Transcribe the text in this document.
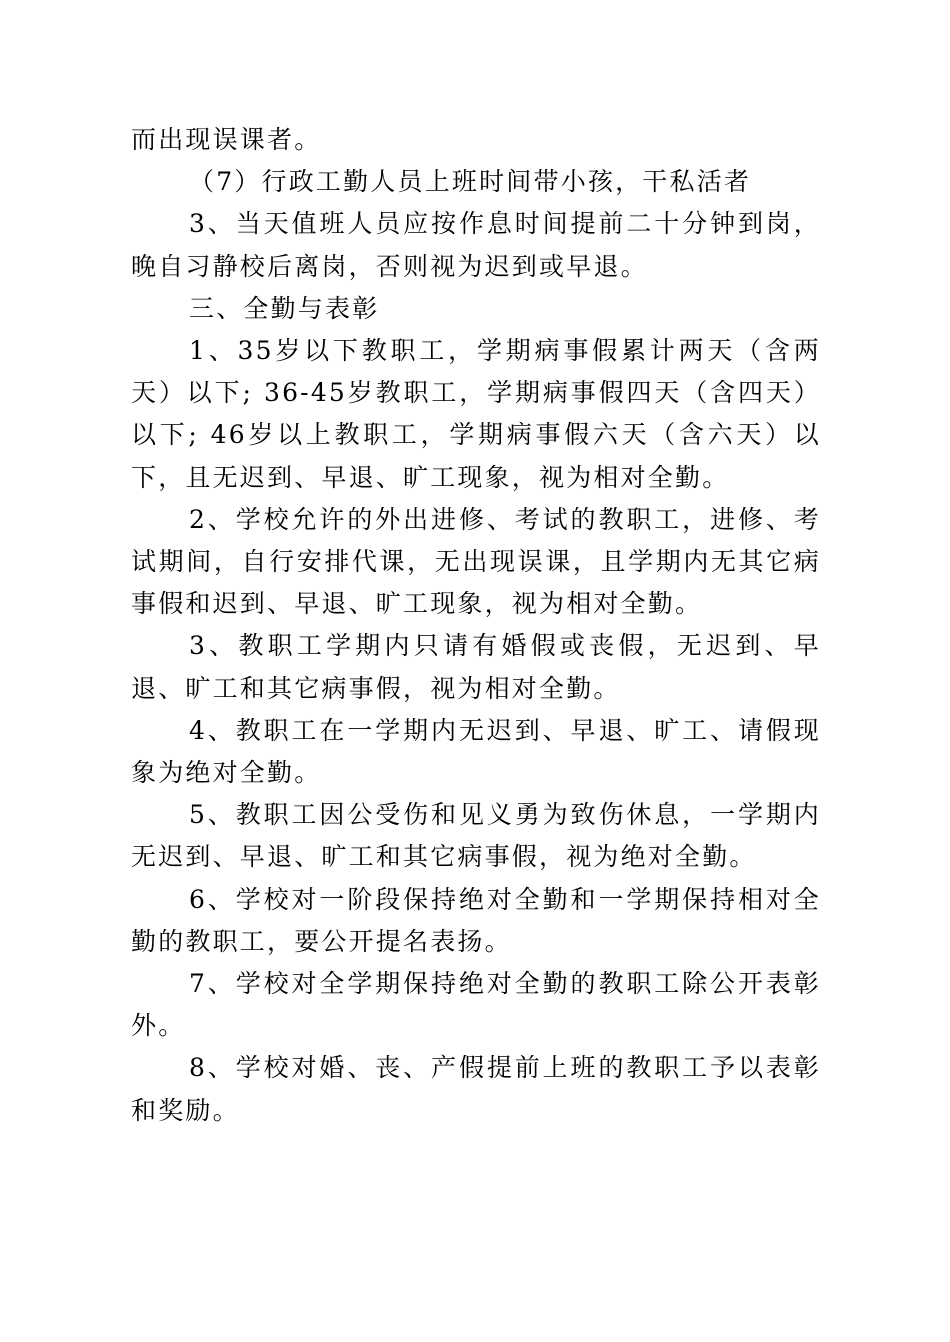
而出现误课者。

（7）行政工勤人员上班时间带小孩，干私活者

3、当天值班人员应按作息时间提前二十分钟到岗，晚自习静校后离岗，否则视为迟到或早退。

三、全勤与表彰

1、35岁以下教职工，学期病事假累计两天（含两天）以下; 36-45岁教职工，学期病事假四天（含四天）以下; 46岁以上教职工，学期病事假六天（含六天）以下，且无迟到、早退、旷工现象，视为相对全勤。

2、学校允许的外出进修、考试的教职工，进修、考试期间，自行安排代课，无出现误课，且学期内无其它病事假和迟到、早退、旷工现象，视为相对全勤。

3、教职工学期内只请有婚假或丧假，无迟到、早退、旷工和其它病事假，视为相对全勤。

4、教职工在一学期内无迟到、早退、旷工、请假现象为绝对全勤。

5、教职工因公受伤和见义勇为致伤休息，一学期内无迟到、早退、旷工和其它病事假，视为绝对全勤。

6、学校对一阶段保持绝对全勤和一学期保持相对全勤的教职工，要公开提名表扬。

7、学校对全学期保持绝对全勤的教职工除公开表彰外。

8、学校对婚、丧、产假提前上班的教职工予以表彰和奖励。
